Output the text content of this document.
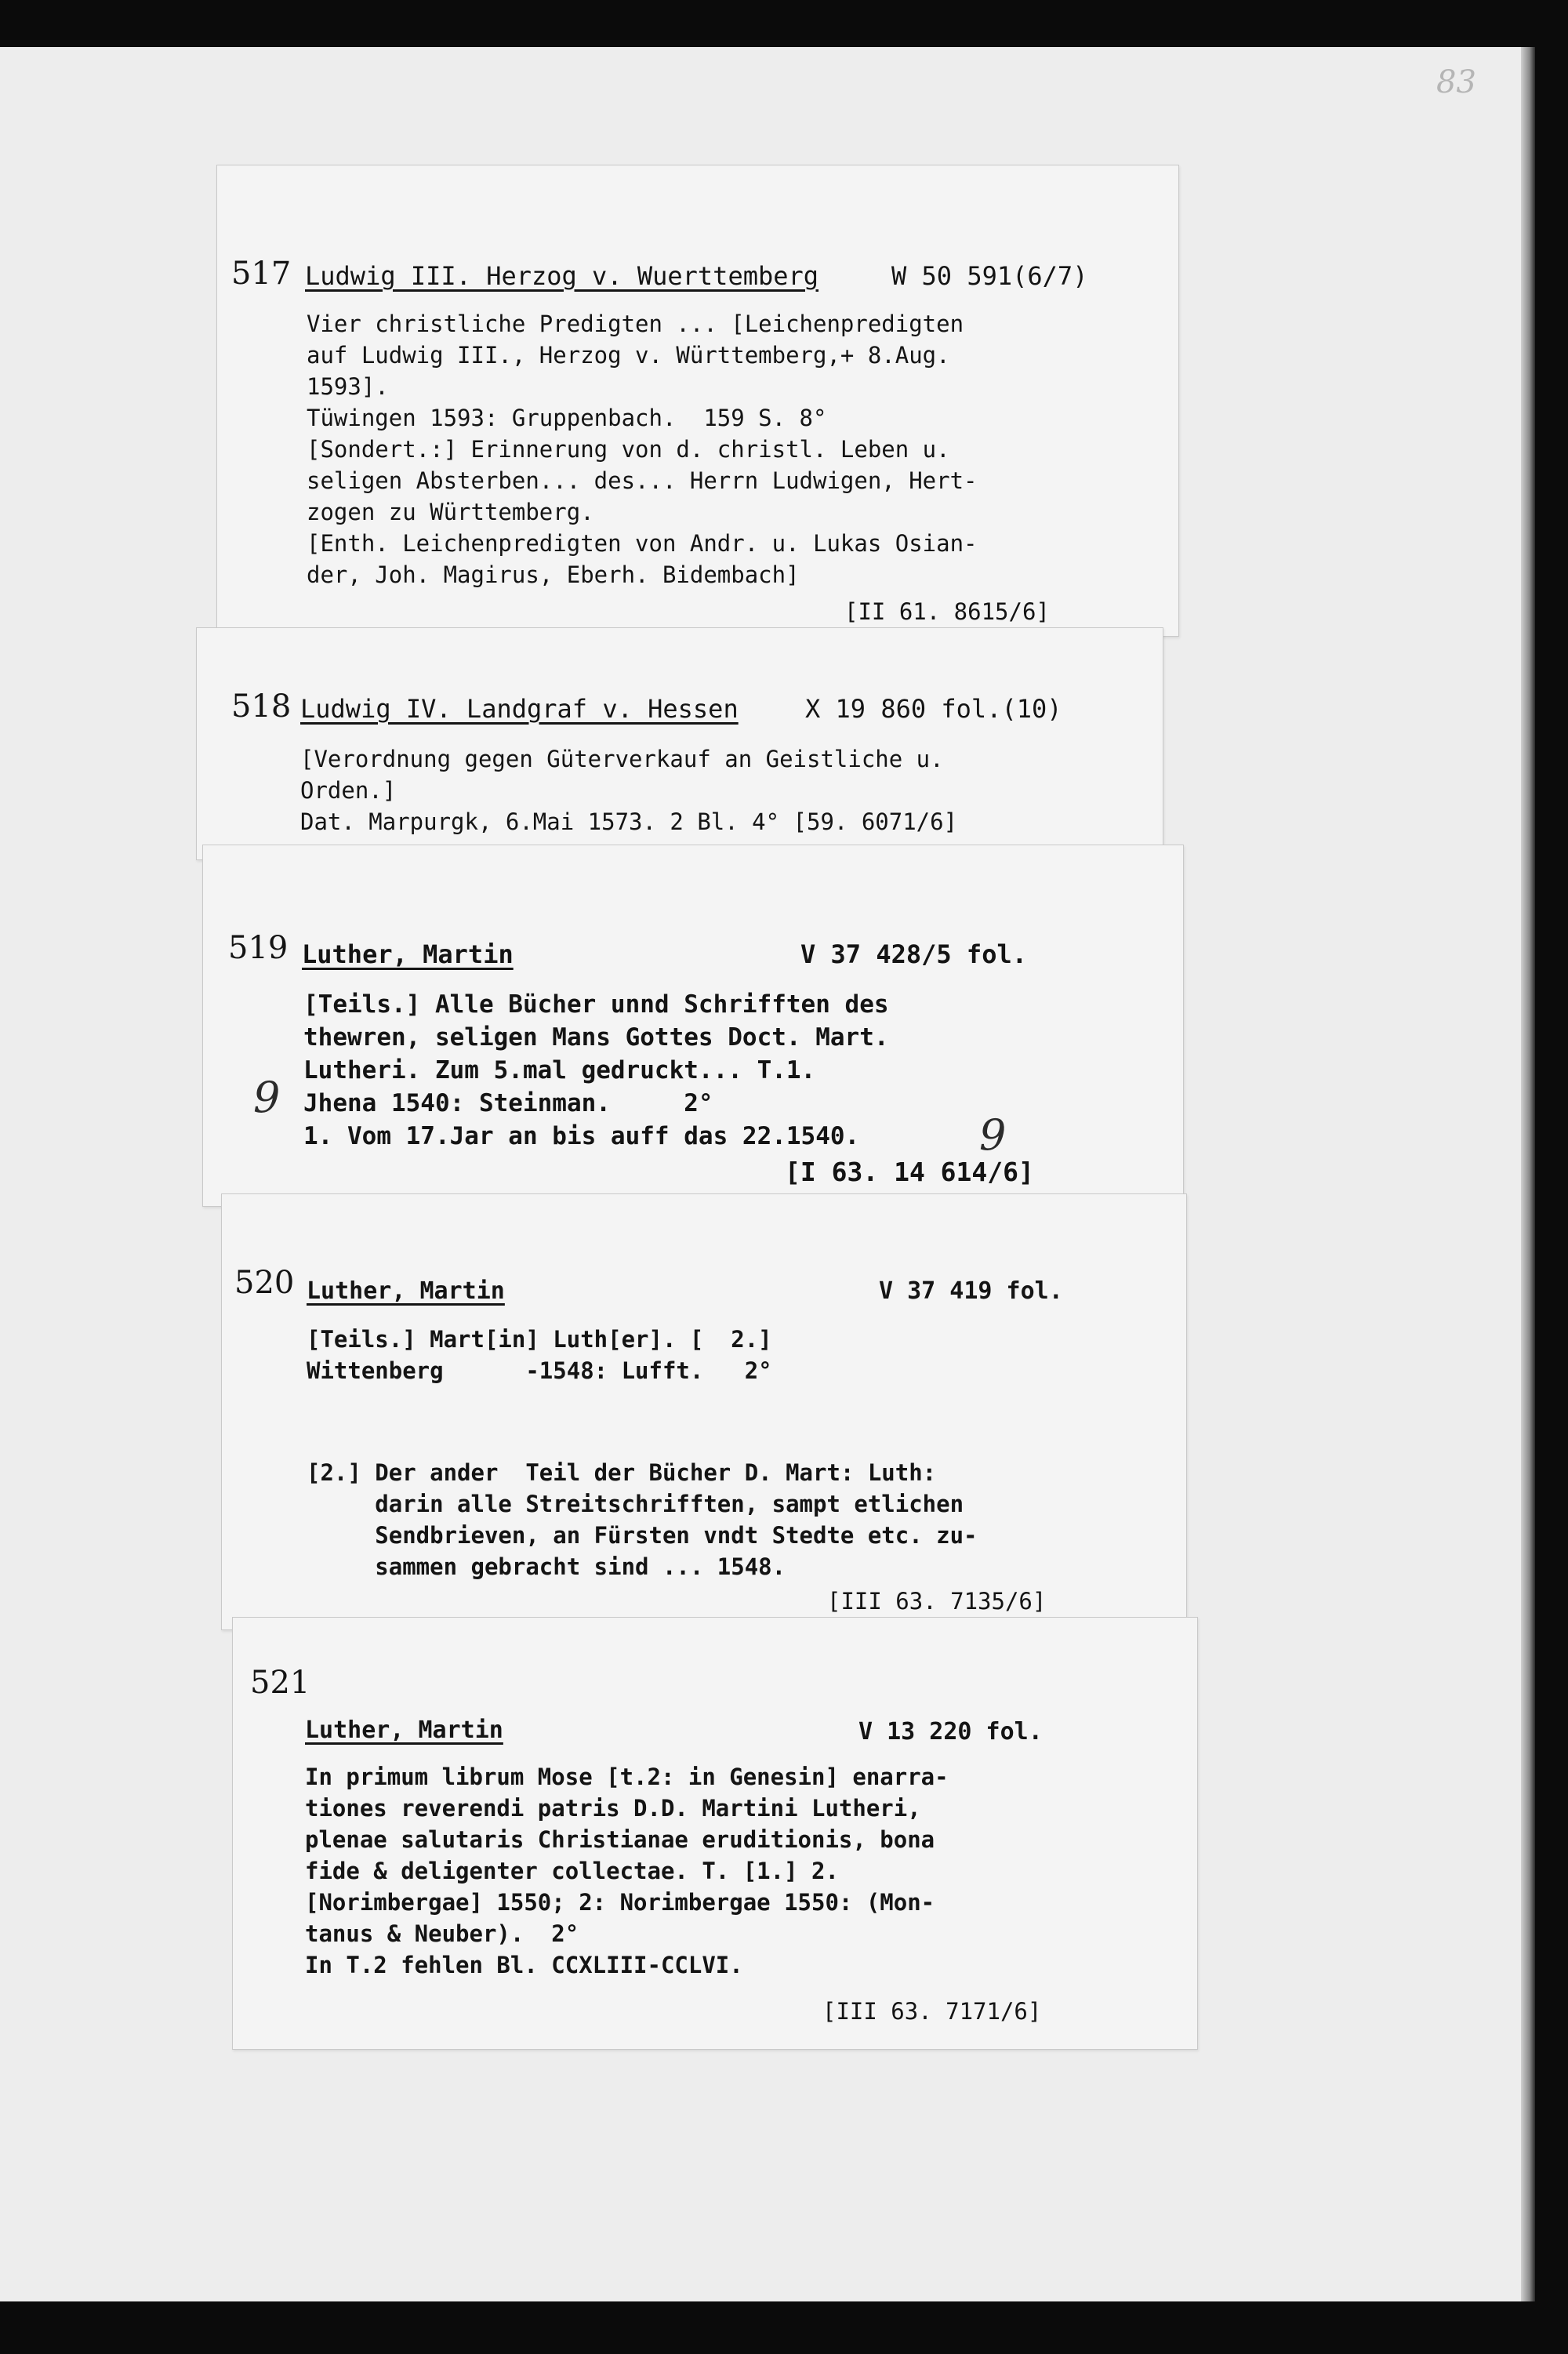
83
517 Ludwig III. Herzog v. Wuerttemberg	W 50 591(6/7)
Vier christliche Predigten ... [Leichenpredigten
auf Ludwig III., Herzog v. Württemberg,+ 8.Aug.
1593].
Tüwingen 1593: Gruppenbach.  159 S. 8°
[Sondert.:] Erinnerung von d. christl. Leben u.
seligen Absterben... des... Herrn Ludwigen, Hert-
zogen zu Württemberg.
[Enth. Leichenpredigten von Andr. u. Lukas Osian-
der, Joh. Magirus, Eberh. Bidembach]
[II 61. 8615/6]
518 Ludwig IV. Landgraf v. Hessen	X 19 860 fol.(10)
[Verordnung gegen Güterverkauf an Geistliche u.
Orden.]
Dat. Marpurgk, 6.Mai 1573. 2 Bl. 4° [59. 6071/6]
519 Luther, Martin	V 37 428/5 fol.
[Teils.] Alle Bücher unnd Schrifften des
thewren, seligen Mans Gottes Doct. Mart.
Lutheri. Zum 5.mal gedruckt... T.1.
Jhena 1540: Steinman.     2°
1. Vom 17.Jar an bis auff das 22.1540.
[I 63. 14 614/6]
9
9
520 Luther, Martin	V 37 419 fol.
[Teils.] Mart[in] Luth[er]. [  2.]
Wittenberg      -1548: Lufft.   2°
[2.] Der ander  Teil der Bücher D. Mart: Luth:
darin alle Streitschrifften, sampt etlichen
Sendbrieven, an Fürsten vndt Stedte etc. zu-
sammen gebracht sind ... 1548.
[III 63. 7135/6]
521
Luther, Martin	V 13 220 fol.
In primum librum Mose [t.2: in Genesin] enarra-
tiones reverendi patris D.D. Martini Lutheri,
plenae salutaris Christianae eruditionis, bona
fide & deligenter collectae. T. [1.] 2.
[Norimbergae] 1550; 2: Norimbergae 1550: (Mon-
tanus & Neuber).  2°
In T.2 fehlen Bl. CCXLIII-CCLVI.
[III 63. 7171/6]
